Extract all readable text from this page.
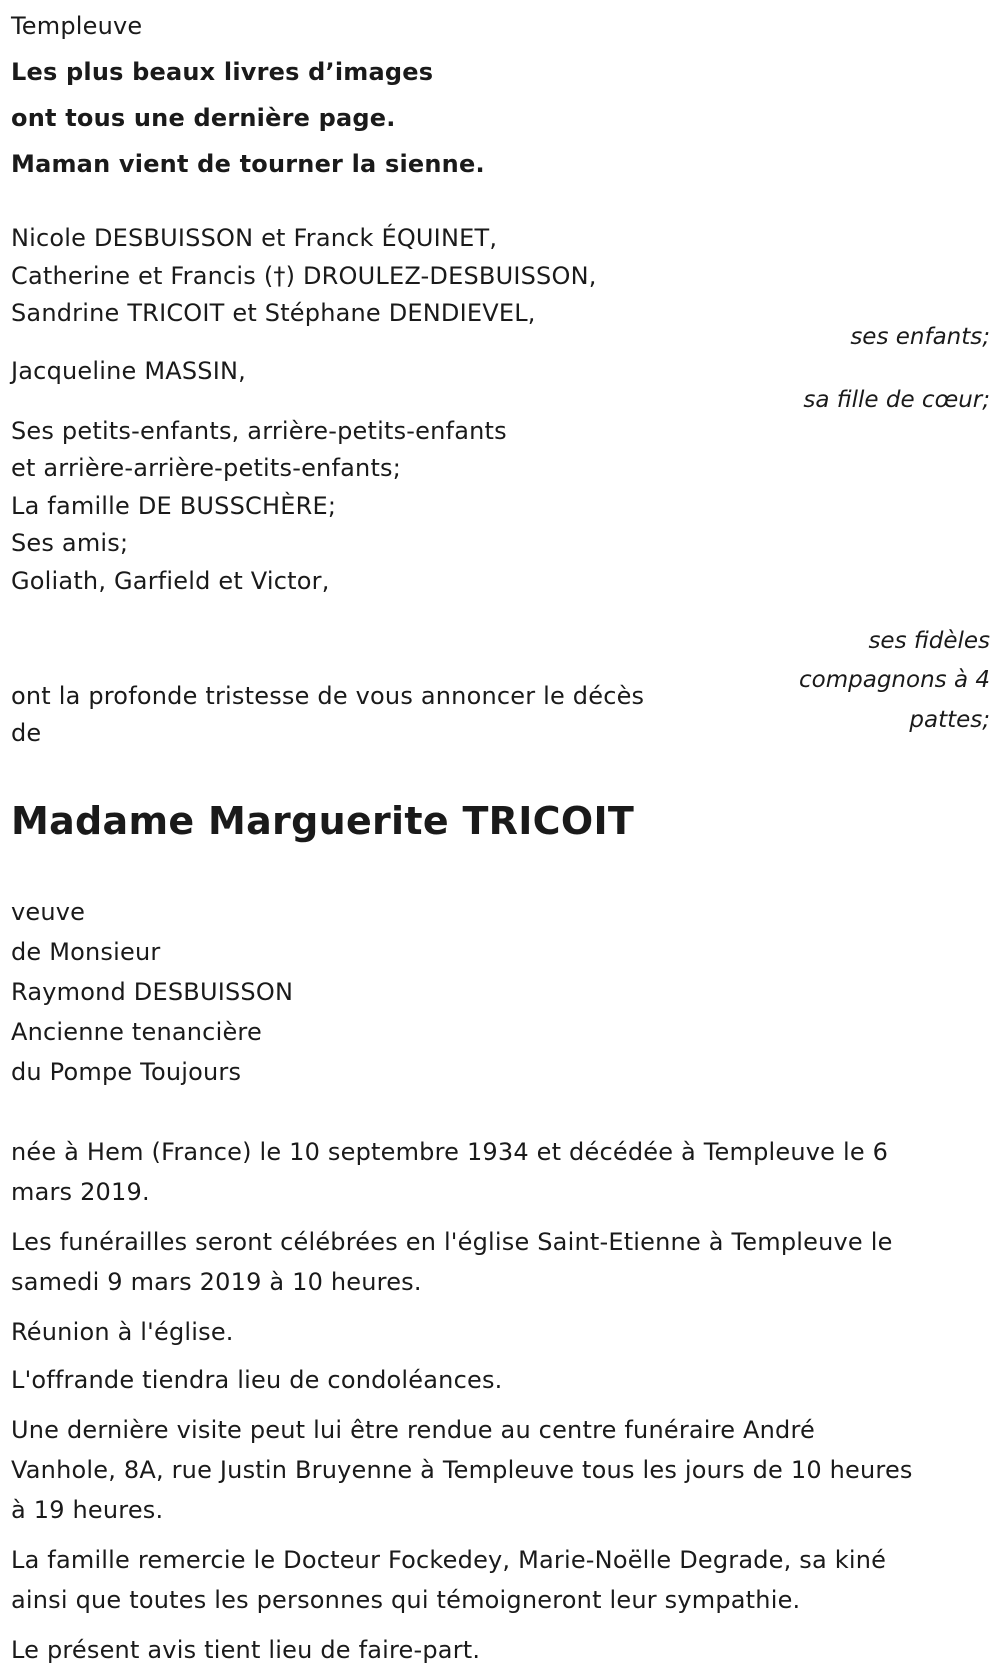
Templeuve
Les plus beaux livres d’images
ont tous une dernière page.
Maman vient de tourner la sienne.
Nicole DESBUISSON et Franck ÉQUINET,
Catherine et Francis (†) DROULEZ-DESBUISSON,
Sandrine TRICOIT et Stéphane DENDIEVEL,
ses enfants;
Jacqueline MASSIN,
sa fille de cœur;
Ses petits-enfants, arrière-petits-enfants
et arrière-arrière-petits-enfants;
La famille DE BUSSCHÈRE;
Ses amis;
Goliath, Garfield et Victor,
ses fidèles
compagnons à 4
pattes;
ont la profonde tristesse de vous annoncer le décès
de
Madame Marguerite TRICOIT
veuve
de Monsieur
Raymond DESBUISSON
Ancienne tenancière
du Pompe Toujours
née à Hem (France) le 10 septembre 1934 et décédée à Templeuve le 6
mars 2019.
Les funérailles seront célébrées en l'église Saint-Etienne à Templeuve le
samedi 9 mars 2019 à 10 heures.
Réunion à l'église.
L'offrande tiendra lieu de condoléances.
Une dernière visite peut lui être rendue au centre funéraire André
Vanhole, 8A, rue Justin Bruyenne à Templeuve tous les jours de 10 heures
à 19 heures.
La famille remercie le Docteur Fockedey, Marie-Noëlle Degrade, sa kiné
ainsi que toutes les personnes qui témoigneront leur sympathie.
Le présent avis tient lieu de faire-part.
